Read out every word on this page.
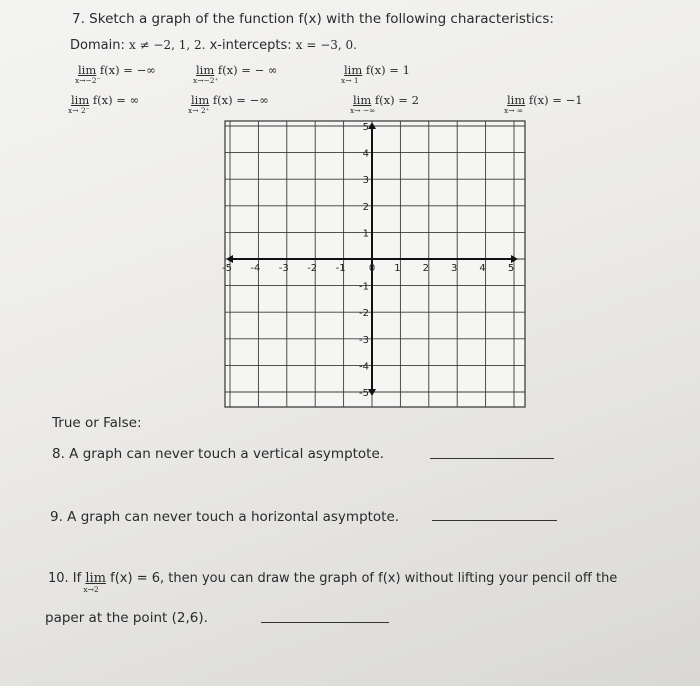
7. Sketch a graph of the function f(x) with the following characteristics:
Domain: x ≠ −2, 1, 2. x-intercepts: x = −3, 0.
lim
x→−2⁻
f(x) = −∞	lim
x→−2⁺
f(x) = − ∞	lim
x→ 1
f(x) = 1
lim
x→ 2⁻
f(x) = ∞	lim
x→ 2⁺
f(x) = −∞	lim
x→ −∞
f(x) = 2	lim
x→ ∞
f(x) = −1
-5 -4 -3 -2 -1 0 1 2 3 4 5
5
4
3
2
1
-1
-2
-3
-4
-5
True or False:
8. A graph can never touch a vertical asymptote.
9. A graph can never touch a horizontal asymptote.
10. If lim
x→2
f(x) = 6, then you can draw the graph of f(x) without lifting your pencil off the
paper at the point (2,6).
